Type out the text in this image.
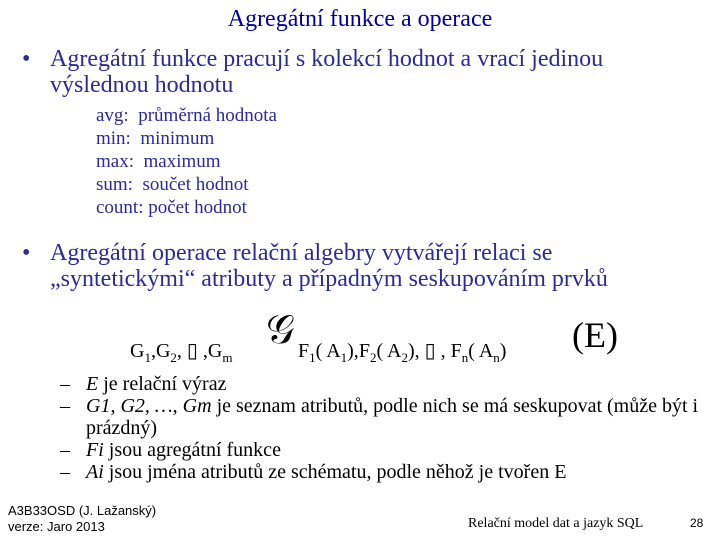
Agregátní funkce a operace
• Agregátní funkce pracují s kolekcí hodnot a vrací jedinou výslednou hodnotu
avg: průměrná hodnota
min: minimum
max: maximum
sum: součet hodnot
count: počet hodnot
• Agregátní operace relační algebry vytvářejí relaci se „syntetickými“ atributy a případným seskupováním prvků
$G_1,G_2$, ▯ $,G_m$
𝒢 $F_1$( $A_1),F_2$( $A_2$), ▯ , $F_n$( $A_n$) (E)
– E je relační výraz
– G1, G2, …, Gm je seznam atributů, podle nich se má seskupovat (může být i prázdný)
– Fi jsou agregátní funkce
– Ai jsou jména atributů ze schématu, podle něhož je tvořen E
A3B33OSD (J. Lažanský)
verze: Jaro 2013	Relační model dat a jazyk SQL	28
